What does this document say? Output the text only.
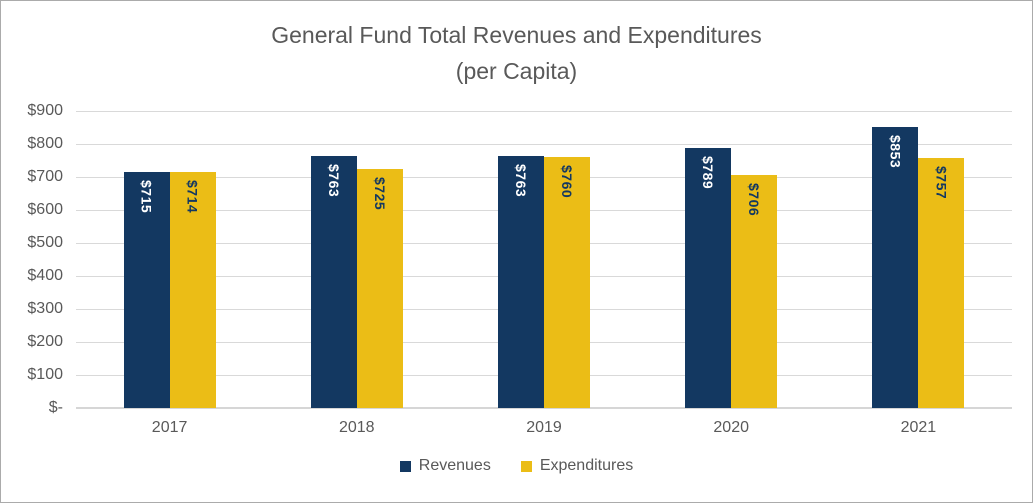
General Fund Total Revenues and Expenditures
(per Capita)
$-
$100
$200
$300
$400
$500
$600
$700
$800
$900
$715 $714	$763 $725	$763 $760	$789
$706
$853
$757
2017	2018	2019	2020	2021
Revenues	Expenditures
